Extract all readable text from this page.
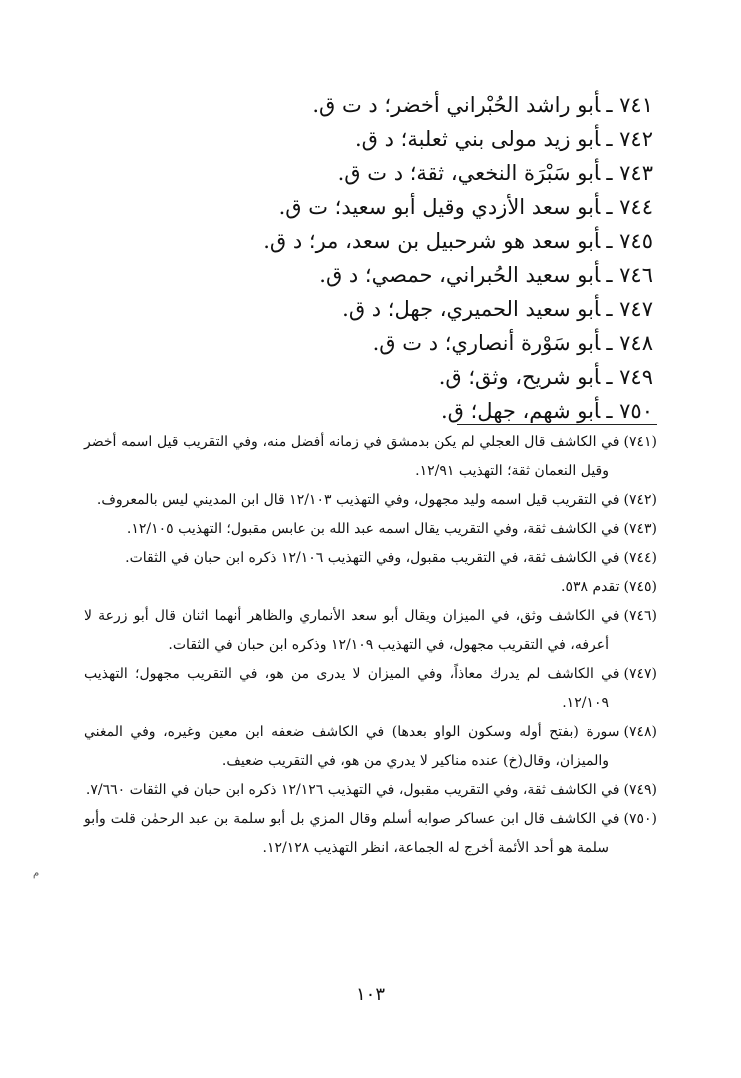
٧٤١ ـأبو راشد الحُبْراني أخضر؛ د ت ق.
٧٤٢ ـأبو زيد مولى بني ثعلبة؛ د ق.
٧٤٣ ـأبو سَبْرَة النخعي، ثقة؛ د ت ق.
٧٤٤ ـأبو سعد الأزدي وقيل أبو سعيد؛ ت ق.
٧٤٥ ـأبو سعد هو شرحبيل بن سعد، مر؛ د ق.
٧٤٦ ـأبو سعيد الحُبراني، حمصي؛ د ق.
٧٤٧ ـأبو سعيد الحميري، جهل؛ د ق.
٧٤٨ ـأبو سَوْرة أنصاري؛ د ت ق.
٧٤٩ ـأبو شريح، وثق؛ ق.
٧٥٠ ـأبو شهم، جهل؛ ق.
(٧٤١)في الكاشف قال العجلي لم يكن بدمشق في زمانه أفضل منه، وفي التقريب قيل اسمه أخضر وقيل النعمان ثقة؛ التهذيب ١٢/٩١.
(٧٤٢)في التقريب قيل اسمه وليد مجهول، وفي التهذيب ١٢/١٠٣ قال ابن المديني ليس بالمعروف.
(٧٤٣)في الكاشف ثقة، وفي التقريب يقال اسمه عبد الله بن عابس مقبول؛ التهذيب ١٢/١٠٥.
(٧٤٤)في الكاشف ثقة، في التقريب مقبول، وفي التهذيب ١٢/١٠٦ ذكره ابن حبان في الثقات.
(٧٤٥)تقدم ٥٣٨.
(٧٤٦)في الكاشف وثق، في الميزان ويقال أبو سعد الأنماري والظاهر أنهما اثنان قال أبو زرعة لا أعرفه، في التقريب مجهول، في التهذيب ١٢/١٠٩ وذكره ابن حبان في الثقات.
(٧٤٧)في الكاشف لم يدرك معاذاً، وفي الميزان لا يدرى من هو، في التقريب مجهول؛ التهذيب ١٢/١٠٩.
(٧٤٨)سورة (بفتح أوله وسكون الواو بعدها) في الكاشف ضعفه ابن معين وغيره، وفي المغني والميزان، وقال(خ) عنده مناكير لا يدري من هو، في التقريب ضعيف.
(٧٤٩)في الكاشف ثقة، وفي التقريب مقبول، في التهذيب ١٢/١٢٦ ذكره ابن حبان في الثقات ٧/٦٦٠.
(٧٥٠)في الكاشف قال ابن عساكر صوابه أسلم وقال المزي بل أبو سلمة بن عبد الرحمٰن قلت وأبو سلمة هو أحد الأئمة أخرج له الجماعة، انظر التهذيب ١٢/١٢٨.
١٠٣
م
